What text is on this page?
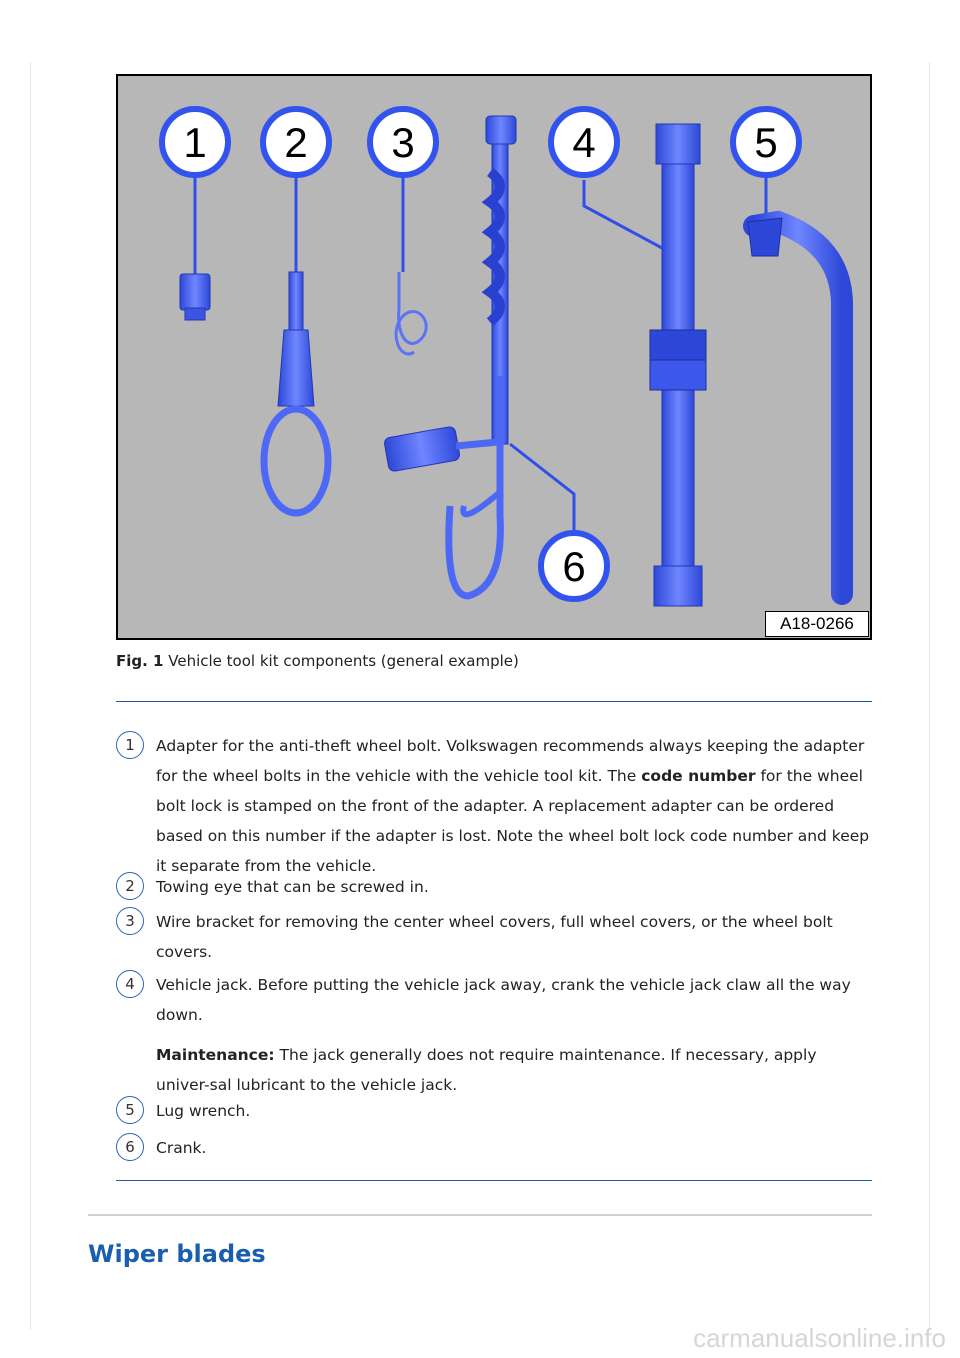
1 2 3	4	5
6
A18-0266
Fig. 1 Vehicle tool kit components (general example)
1	Adapter for the anti-theft wheel bolt. Volkswagen recommends always keeping the adapter for the wheel bolts in the vehicle with the vehicle tool kit. The code number for the wheel bolt lock is stamped on the front of the adapter. A replacement adapter can be ordered based on this number if the adapter is lost. Note the wheel bolt lock code number and keep it separate from the vehicle.
2	Towing eye that can be screwed in.
3	Wire bracket for removing the center wheel covers, full wheel covers, or the wheel bolt covers.
4	Vehicle jack. Before putting the vehicle jack away, crank the vehicle jack claw all the way down.
Maintenance: The jack generally does not require maintenance. If necessary, apply univer-sal lubricant to the vehicle jack.
5	Lug wrench.
6	Crank.
Wiper blades
carmanualsonline.info
